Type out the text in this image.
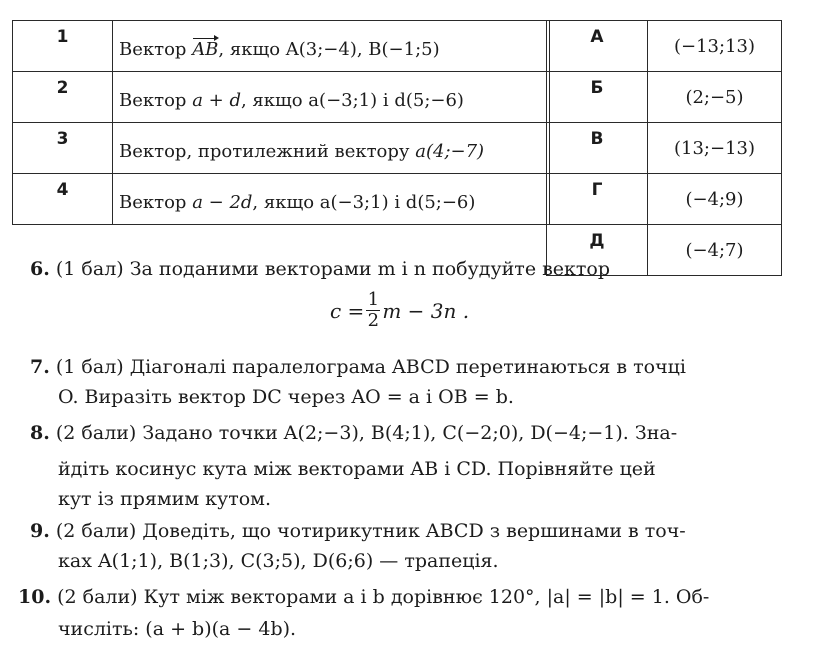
1	Вектор AB, якщо A(3;−4), B(−1;5)
2	Вектор a + d, якщо a(−3;1) і d(5;−6)
3	Вектор, протилежний вектору a(4;−7)
4	Вектор a − 2d, якщо a(−3;1) і d(5;−6)
А	(−13;13)
Б	(2;−5)
В	(13;−13)
Г	(−4;9)
Д	(−4;7)
6. (1 бал) За поданими векторами m і n побудуйте вектор
$c = \frac{1}{2}$ m − 3n .
7. (1 бал) Діагоналі паралелограма ABCD перетинаються в точці
O. Виразіть вектор DC через AO = a і OB = b.
8. (2 бали) Задано точки A(2;−3), B(4;1), C(−2;0), D(−4;−1). Зна-
йдіть косинус кута між векторами AB і CD. Порівняйте цей
кут із прямим кутом.
9. (2 бали) Доведіть, що чотирикутник ABCD з вершинами в точ-
ках A(1;1), B(1;3), C(3;5), D(6;6) — трапеція.
10. (2 бали) Кут між векторами a і b дорівнює 120°, |a| = |b| = 1. Об-
числіть: (a + b)(a − 4b).
